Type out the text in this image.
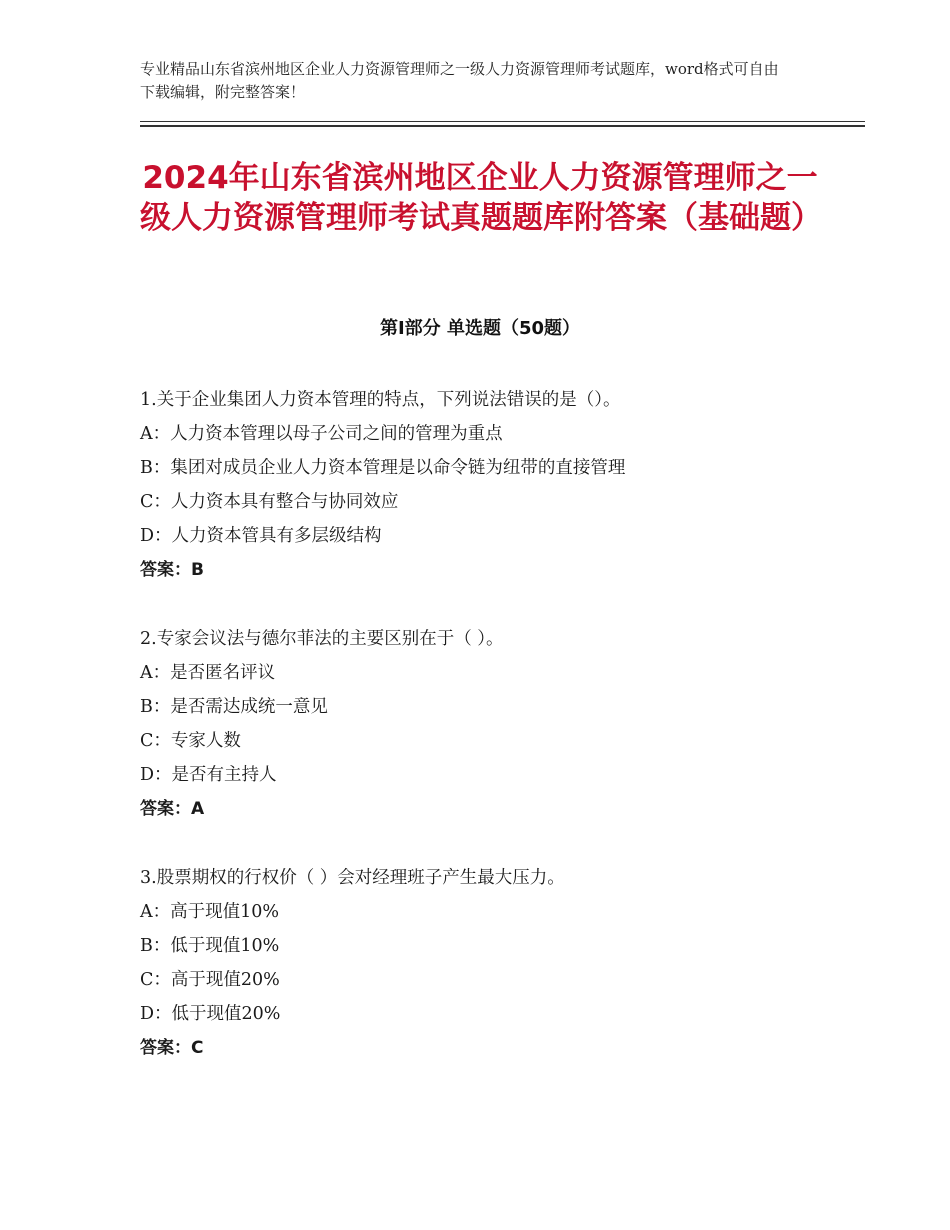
专业精品山东省滨州地区企业人力资源管理师之一级人力资源管理师考试题库，word格式可自由下载编辑，附完整答案！
2024年山东省滨州地区企业人力资源管理师之一级人力资源管理师考试真题题库附答案（基础题）
第Ⅰ部分 单选题（50题）
1.关于企业集团人力资本管理的特点，下列说法错误的是（）。
A：人力资本管理以母子公司之间的管理为重点
B：集团对成员企业人力资本管理是以命令链为纽带的直接管理
C：人力资本具有整合与协同效应
D：人力资本管具有多层级结构
答案：B
2.专家会议法与德尔菲法的主要区别在于（ ）。
A：是否匿名评议
B：是否需达成统一意见
C：专家人数
D：是否有主持人
答案：A
3.股票期权的行权价（ ）会对经理班子产生最大压力。
A：高于现值10%
B：低于现值10%
C：高于现值20%
D：低于现值20%
答案：C
